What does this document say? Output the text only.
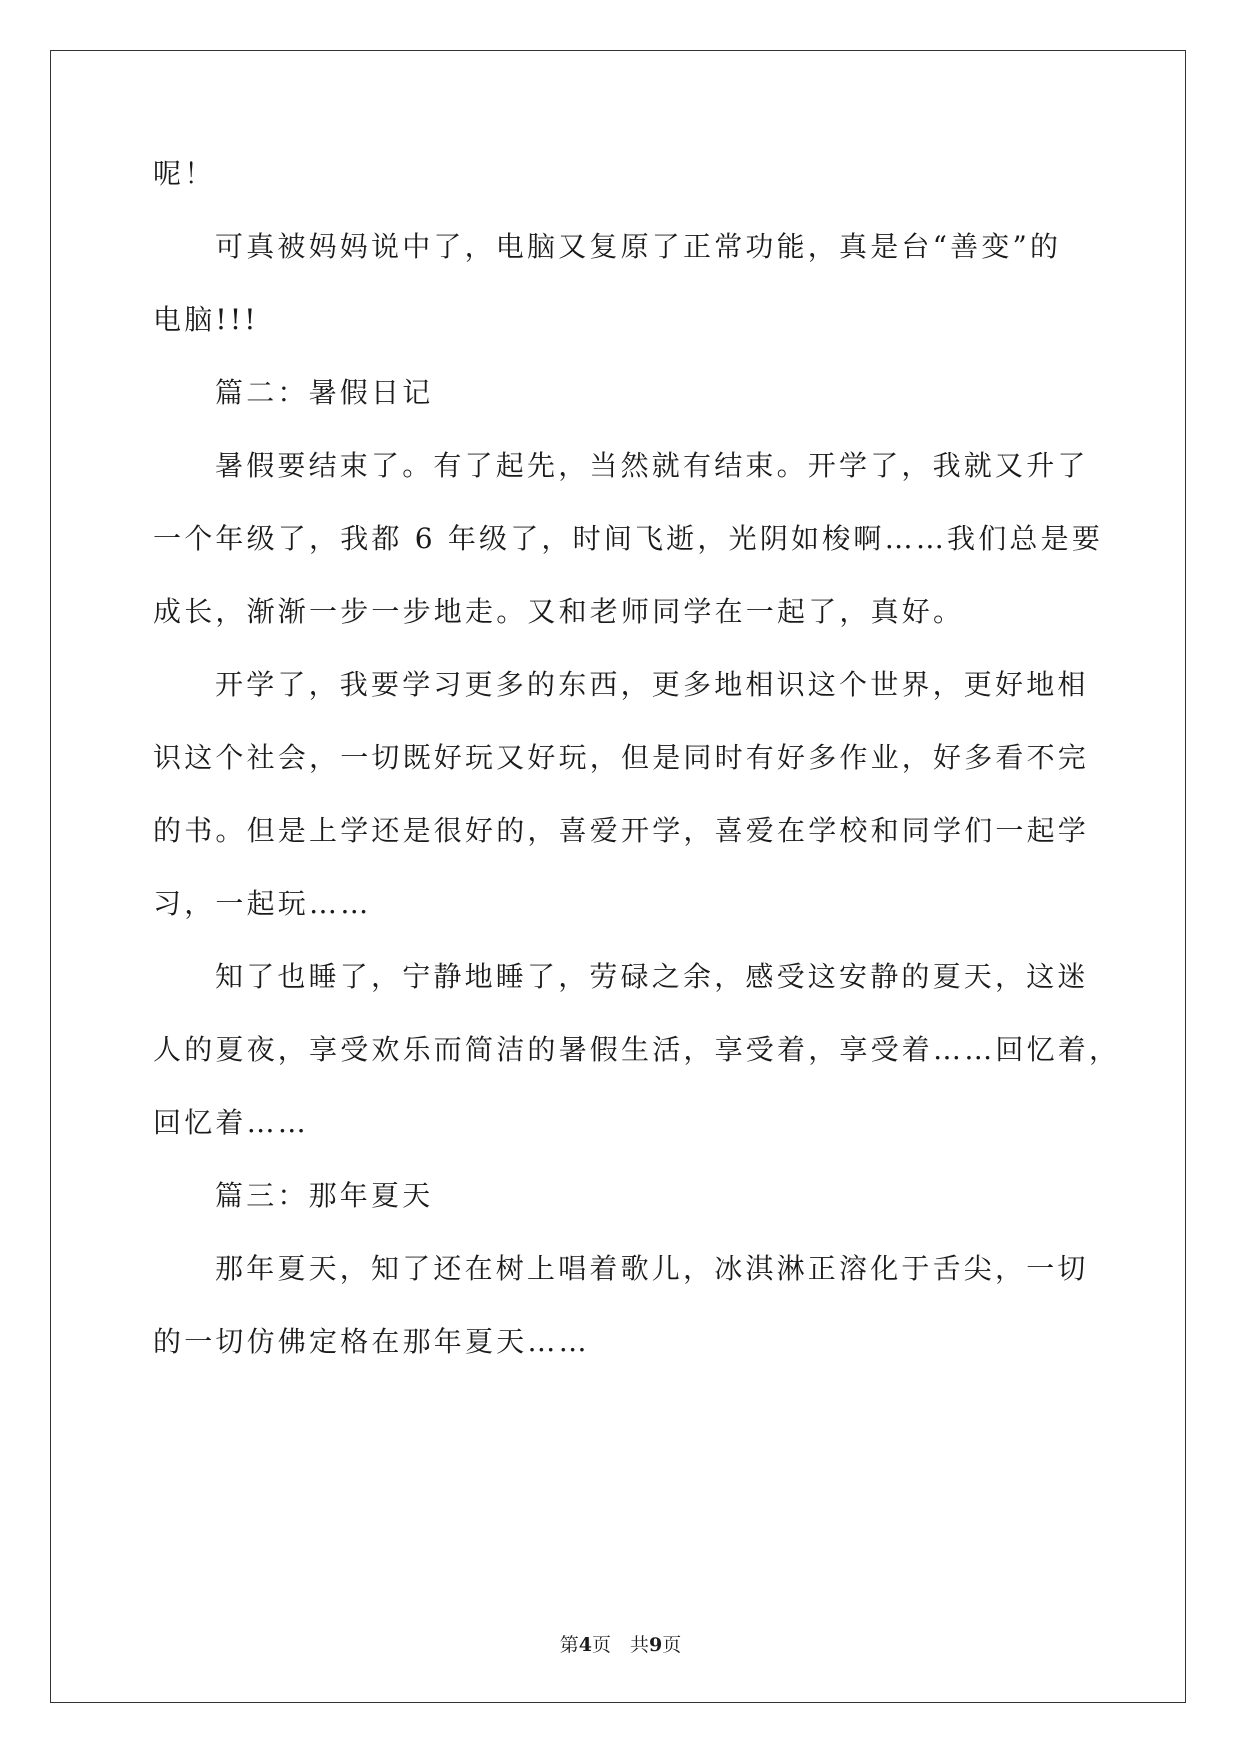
呢！
可真被妈妈说中了，电脑又复原了正常功能，真是台“善变”的
电脑!!!
篇二：暑假日记
暑假要结束了。有了起先，当然就有结束。开学了，我就又升了
一个年级了，我都 6 年级了，时间飞逝，光阴如梭啊……我们总是要
成长，渐渐一步一步地走。又和老师同学在一起了，真好。
开学了，我要学习更多的东西，更多地相识这个世界，更好地相
识这个社会，一切既好玩又好玩，但是同时有好多作业，好多看不完
的书。但是上学还是很好的，喜爱开学，喜爱在学校和同学们一起学
习，一起玩……
知了也睡了，宁静地睡了，劳碌之余，感受这安静的夏天，这迷
人的夏夜，享受欢乐而简洁的暑假生活，享受着，享受着……回忆着，
回忆着……
篇三：那年夏天
那年夏天，知了还在树上唱着歌儿，冰淇淋正溶化于舌尖，一切
的一切仿佛定格在那年夏天……
第4页　共9页
